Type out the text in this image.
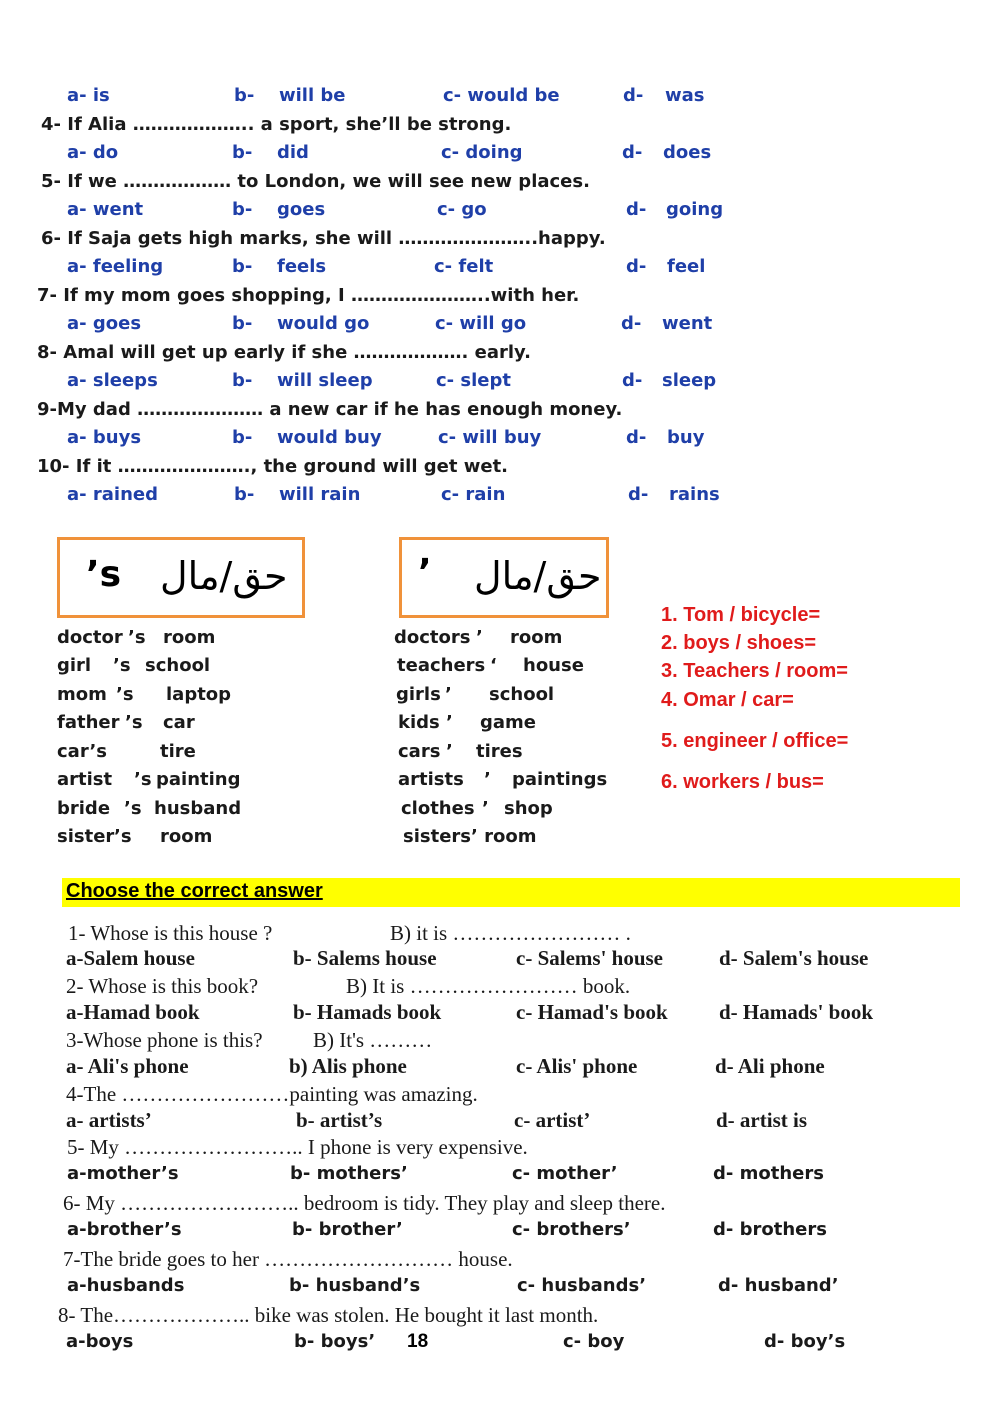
a- is	b- will be	c- would be	d- was
4- If Alia ……………….. a sport, she’ll be strong.
a- do	b- did	c- doing	d- does
5- If we ……………… to London, we will see new places.
a- went	b- goes	c- go	d- going
6- If Saja gets high marks, she will …………………..happy.
a- feeling	b- feels	c- felt	d- feel
7- If my mom goes shopping, I …………………..with her.
a- goes	b- would go	c- will go	d- went
8- Amal will get up early if she ………………. early.
a- sleeps	b- will sleep	c- slept	d- sleep
9-My dad ………………… a new car if he has enough money.
a- buys	b- would buy	c- will buy	d- buy
10- If it …………………., the ground will get wet.
a- rained	b- will rain	c- rain	d- rains
’s حق/مال	’ حق/مال
doctor ’s room
girl ’s school
mom ’s laptop
father ’s car
car’s	tire
artist ’s painting
bride ’s husband
sister ’s room
doctors ’ room
teachers ‘ house
girls ’ school
kids ’ game
cars ’ tires
artists ’ paintings
clothes ’ shop
sisters’ room
1. Tom / bicycle=
2. boys / shoes=
3. Teachers / room=
4. Omar / car=
5. engineer / office=
6. workers / bus=
Choose the correct answer
1- Whose is this house ?	B) it is …………………… .
a-Salem house	b- Salems house	c- Salems' house	d- Salem's house
2- Whose is this book?	B) It is …………………… book.
a-Hamad book	b- Hamads book	c- Hamad's book d- Hamads' book
3-Whose phone is this? B) It's ………
a- Ali's phone	b) Alis phone	c- Alis' phone	d- Ali phone
4-The ……………………painting was amazing.
a- artists’	b- artist’s	c- artist’	d- artist is
5- My …………………….. I phone is very expensive.
a-mother’s	b- mothers’	c- mother’	d- mothers
6- My …………………….. bedroom is tidy. They play and sleep there.
a-brother’s	b- brother’	c- brothers’	d- brothers
7-The bride goes to her ……………………… house.
a-husbands	b- husband’s	c- husbands’	d- husband’
8- The……………….. bike was stolen. He bought it last month.
a-boys	b- boys’	c- boy	d- boy’s
18
